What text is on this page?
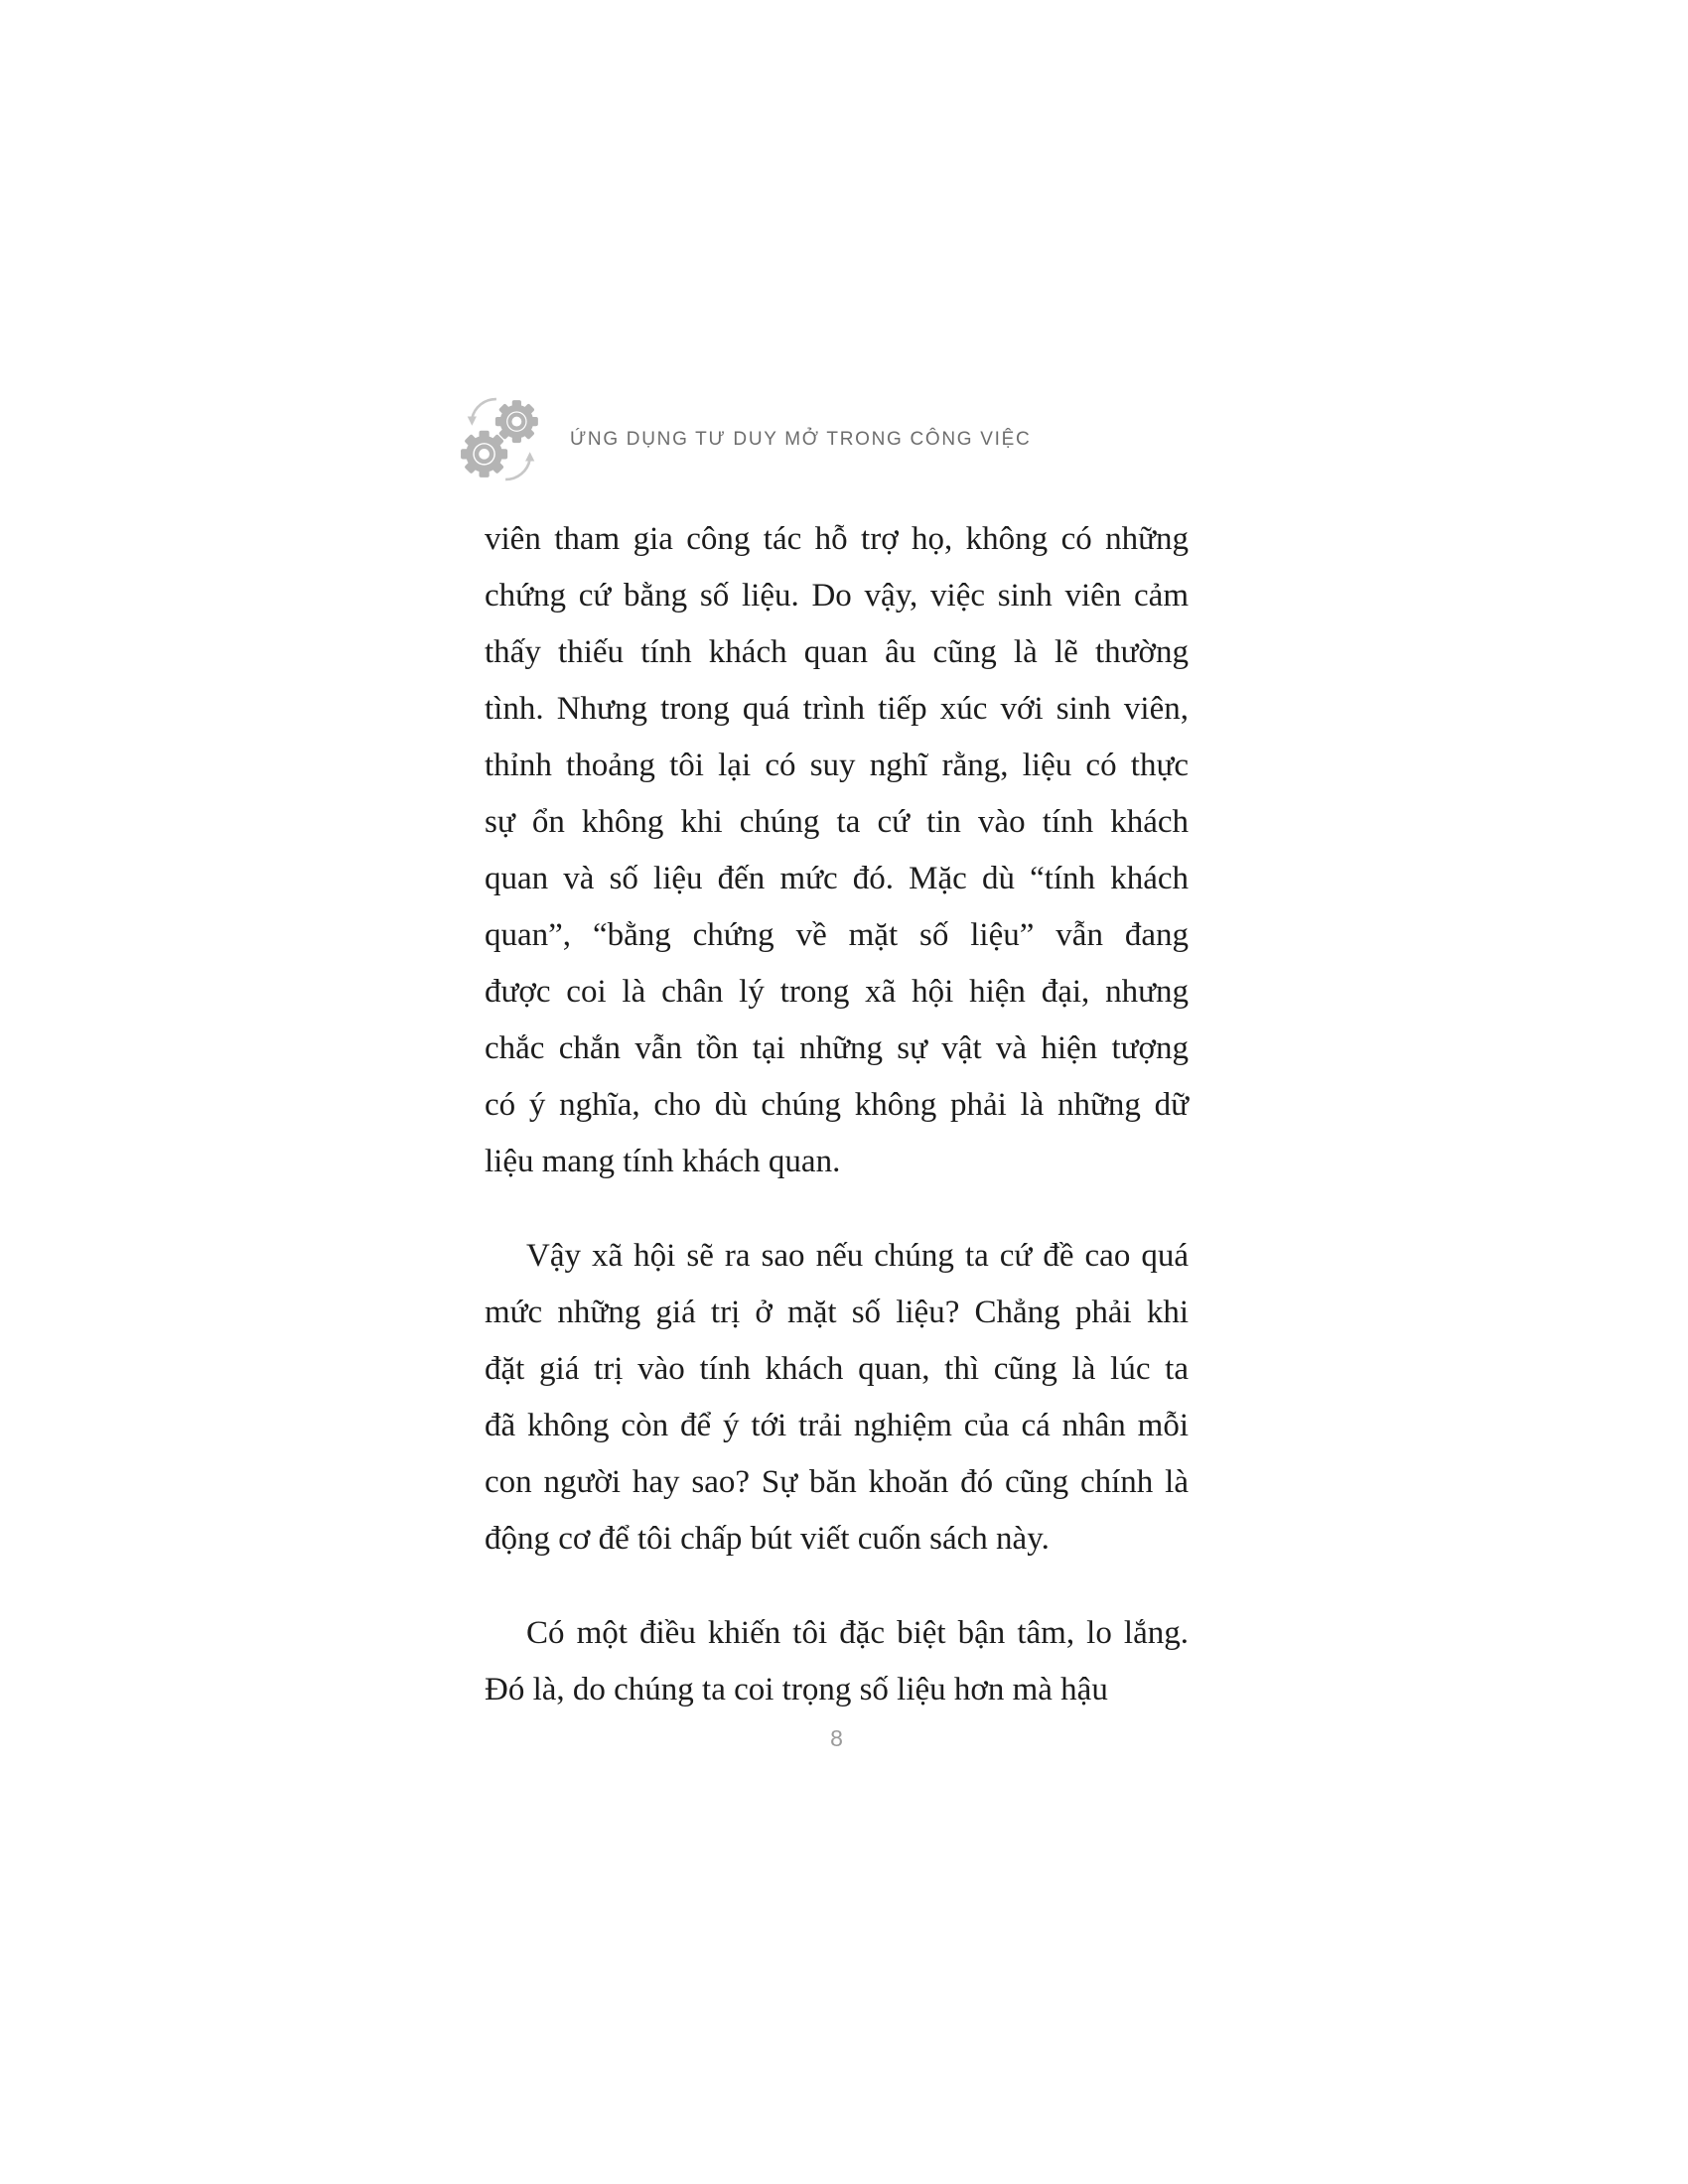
ỨNG DỤNG TƯ DUY MỞ TRONG CÔNG VIỆC
viên tham gia công tác hỗ trợ họ, không có những
chứng cứ bằng số liệu. Do vậy, việc sinh viên cảm
thấy thiếu tính khách quan âu cũng là lẽ thường
tình. Nhưng trong quá trình tiếp xúc với sinh viên,
thỉnh thoảng tôi lại có suy nghĩ rằng, liệu có thực
sự ổn không khi chúng ta cứ tin vào tính khách
quan và số liệu đến mức đó. Mặc dù “tính khách
quan”, “bằng chứng về mặt số liệu” vẫn đang
được coi là chân lý trong xã hội hiện đại, nhưng
chắc chắn vẫn tồn tại những sự vật và hiện tượng
có ý nghĩa, cho dù chúng không phải là những dữ
liệu mang tính khách quan.
Vậy xã hội sẽ ra sao nếu chúng ta cứ đề cao quá
mức những giá trị ở mặt số liệu? Chẳng phải khi
đặt giá trị vào tính khách quan, thì cũng là lúc ta
đã không còn để ý tới trải nghiệm của cá nhân mỗi
con người hay sao? Sự băn khoăn đó cũng chính là
động cơ để tôi chấp bút viết cuốn sách này.
Có một điều khiến tôi đặc biệt bận tâm, lo lắng.
Đó là, do chúng ta coi trọng số liệu hơn mà hậu
8
